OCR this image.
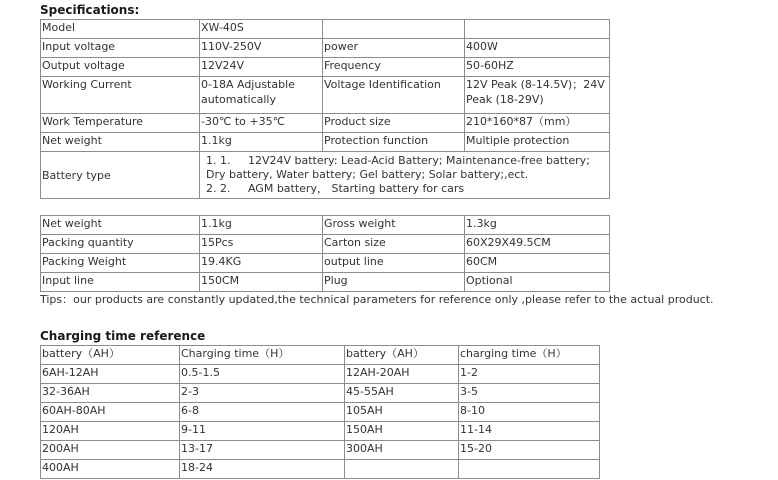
Specifications:
Model	XW-40S		
Input voltage	110V-250V	power	400W
Output voltage	12V24V	Frequency	50-60HZ
Working Current	0-18A Adjustable automatically	Voltage Identification	12V Peak (8-14.5V)；24V Peak (18-29V)
Work Temperature	-30℃ to +35℃	Product size	210*160*87（mm）
Net weight	1.1kg	Protection function	Multiple protection
Battery type	1. 1.     12V24V battery: Lead-Acid Battery; Maintenance-free battery; Dry battery, Water battery; Gel battery; Solar battery;,ect.
2. 2.     AGM battery， Starting battery for cars		
Net weight	1.1kg	Gross weight	1.3kg
Packing quantity	15Pcs	Carton size	60X29X49.5CM
Packing Weight	19.4KG	output line	60CM
Input line	150CM	Plug	Optional
Tips：our products are constantly updated,the technical parameters for reference only ,please refer to the actual product.
Charging time reference
battery（AH）	Charging time（H）	battery（AH）	charging time（H）
6AH-12AH	0.5-1.5	12AH-20AH	1-2
32-36AH	2-3	45-55AH	3-5
60AH-80AH	6-8	105AH	8-10
120AH	9-11	150AH	11-14
200AH	13-17	300AH	15-20
400AH	18-24		
